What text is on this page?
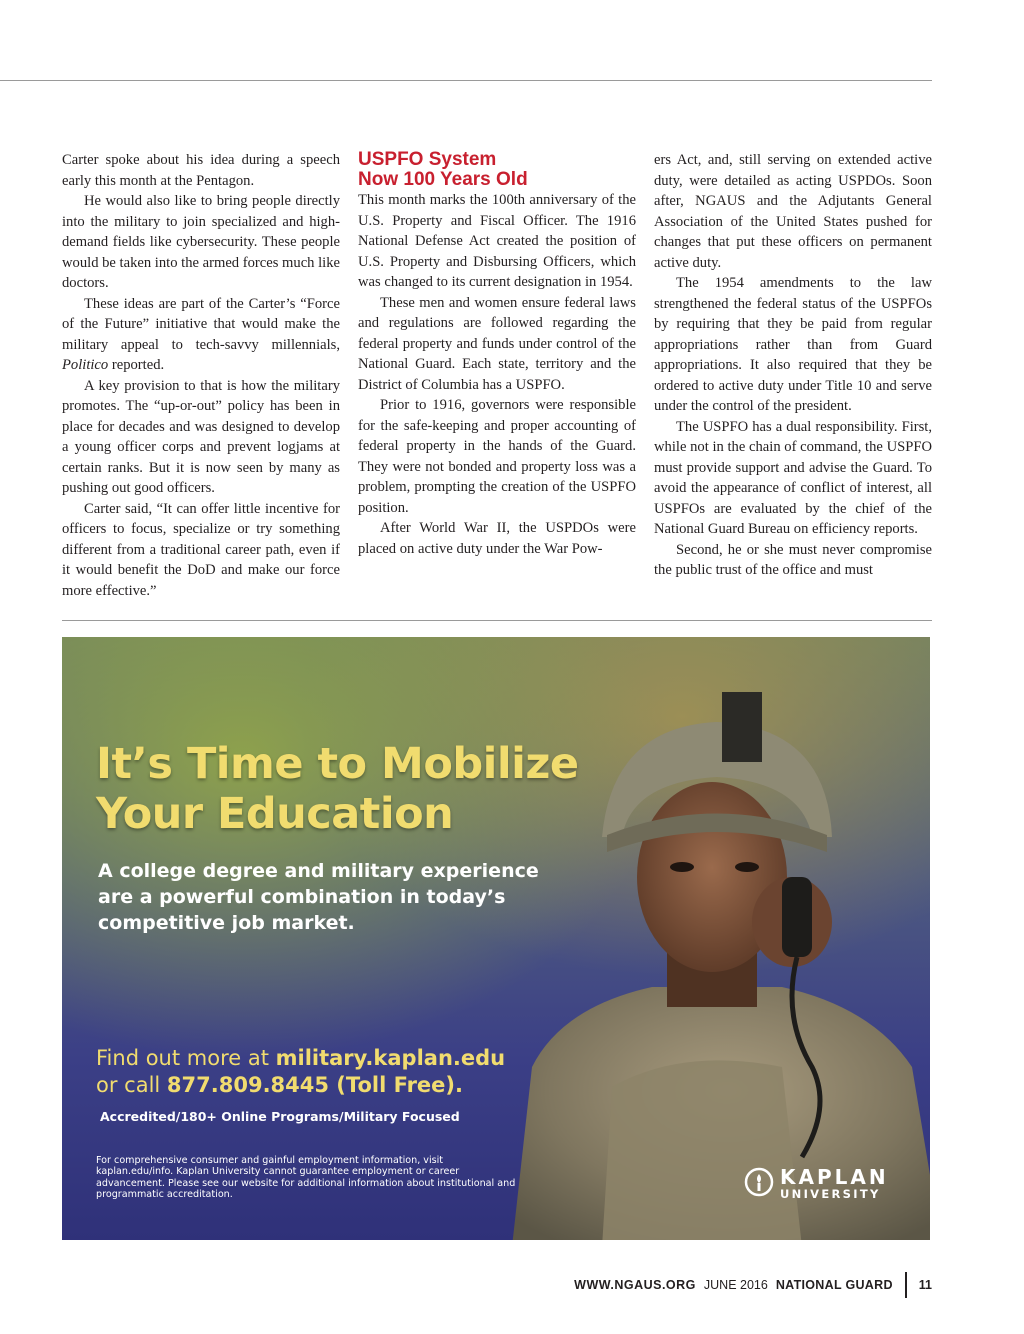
Carter spoke about his idea during a speech early this month at the Pentagon.

He would also like to bring people directly into the military to join specialized and high-demand fields like cybersecurity. These people would be taken into the armed forces much like doctors.

These ideas are part of the Carter’s “Force of the Future” initiative that would make the military appeal to tech-savvy millennials, Politico reported.

A key provision to that is how the military promotes. The “up-or-out” policy has been in place for decades and was designed to develop a young officer corps and prevent logjams at certain ranks. But it is now seen by many as pushing out good officers.

Carter said, “It can offer little incentive for officers to focus, specialize or try something different from a traditional career path, even if it would benefit the DoD and make our force more effective.”

USPFO System
Now 100 Years Old

This month marks the 100th anniversary of the U.S. Property and Fiscal Officer. The 1916 National Defense Act created the position of U.S. Property and Disbursing Officers, which was changed to its current designation in 1954.

These men and women ensure federal laws and regulations are followed regarding the federal property and funds under control of the National Guard. Each state, territory and the District of Columbia has a USPFO.

Prior to 1916, governors were responsible for the safe-keeping and proper accounting of federal property in the hands of the Guard. They were not bonded and property loss was a problem, prompting the creation of the USPFO position.

After World War II, the USPDOs were placed on active duty under the War Pow-

ers Act, and, still serving on extended active duty, were detailed as acting USPDOs. Soon after, NGAUS and the Adjutants General Association of the United States pushed for changes that put these officers on permanent active duty.

The 1954 amendments to the law strengthened the federal status of the USPFOs by requiring that they be paid from regular appropriations rather than from Guard appropriations. It also required that they be ordered to active duty under Title 10 and serve under the control of the president.

The USPFO has a dual responsibility. First, while not in the chain of command, the USPFO must provide support and advise the Guard. To avoid the appearance of conflict of interest, all USPFOs are evaluated by the chief of the National Guard Bureau on efficiency reports.

Second, he or she must never compromise the public trust of the office and must

It’s Time to Mobilize
Your Education
A college degree and military experience are a powerful combination in today’s competitive job market.
Find out more at military.kaplan.edu
or call 877.809.8445 (Toll Free).
Accredited/180+ Online Programs/Military Focused
For comprehensive consumer and gainful employment information, visit kaplan.edu/info. Kaplan University cannot guarantee employment or career advancement. Please see our website for additional information about institutional and programmatic accreditation.
KAPLAN
UNIVERSITY
WWW.NGAUS.ORG JUNE 2016 NATIONAL GUARD 11
